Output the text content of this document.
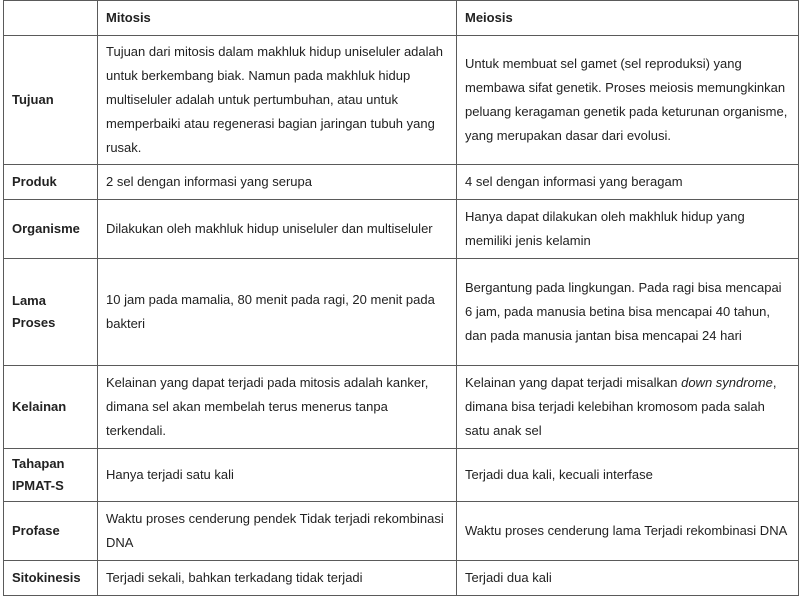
	Mitosis	Meiosis
Tujuan	Tujuan dari mitosis dalam makhluk hidup uniseluler adalah untuk berkembang biak. Namun pada makhluk hidup multiseluler adalah untuk pertumbuhan, atau untuk memperbaiki atau regenerasi bagian jaringan tubuh yang rusak.	Untuk membuat sel gamet (sel reproduksi) yang membawa sifat genetik. Proses meiosis memungkinkan peluang keragaman genetik pada keturunan organisme, yang merupakan dasar dari evolusi.
Produk	2 sel dengan informasi yang serupa	4 sel dengan informasi yang beragam
Organisme	Dilakukan oleh makhluk hidup uniseluler dan multiseluler	Hanya dapat dilakukan oleh makhluk hidup yang memiliki jenis kelamin
Lama Proses	10 jam pada mamalia, 80 menit pada ragi, 20 menit pada bakteri	Bergantung pada lingkungan. Pada ragi bisa mencapai 6 jam, pada manusia betina bisa mencapai 40 tahun, dan pada manusia jantan bisa mencapai 24 hari
Kelainan	Kelainan yang dapat terjadi pada mitosis adalah kanker, dimana sel akan membelah terus menerus tanpa terkendali.	Kelainan yang dapat terjadi misalkan down syndrome, dimana bisa terjadi kelebihan kromosom pada salah satu anak sel
Tahapan IPMAT-S	Hanya terjadi satu kali	Terjadi dua kali, kecuali interfase
Profase	Waktu proses cenderung pendek Tidak terjadi rekombinasi DNA	Waktu proses cenderung lama Terjadi rekombinasi DNA
Sitokinesis	Terjadi sekali, bahkan terkadang tidak terjadi	Terjadi dua kali
